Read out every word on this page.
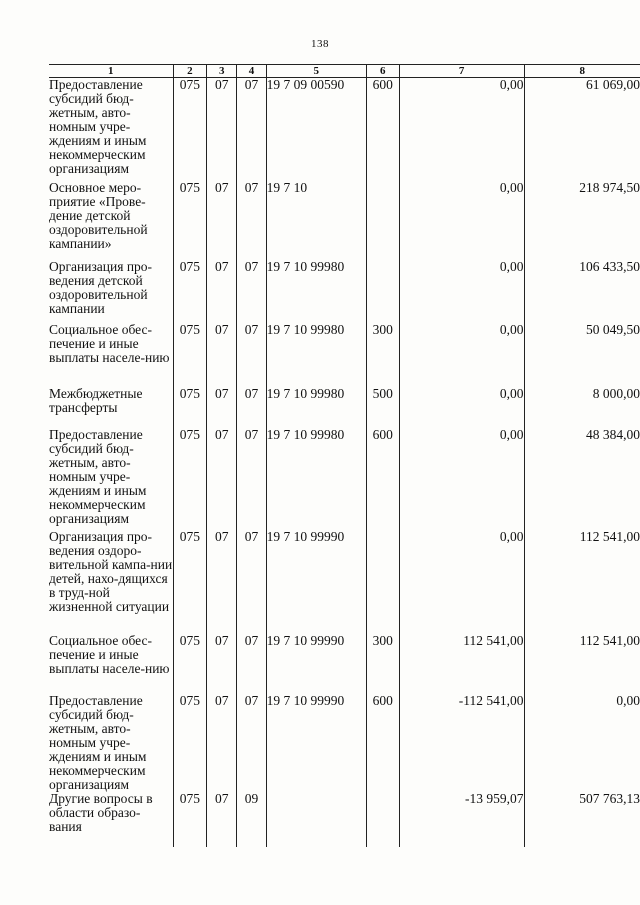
138
1	2	3	4	5	6	7	8
Предоставление субсидий бюд-жетным, авто-номным учре-ждениям и иным некоммерческим организациям	075	07	07	19 7 09 00590	600	0,00	61 069,00
Основное меро-приятие «Прове-дение детской оздоровительной кампании»	075	07	07	19 7 10		0,00	218 974,50
Организация про-ведения детской оздоровительной кампании	075	07	07	19 7 10 99980		0,00	106 433,50
Социальное обес-печение и иные выплаты населе-нию	075	07	07	19 7 10 99980	300	0,00	50 049,50
Межбюджетные трансферты	075	07	07	19 7 10 99980	500	0,00	8 000,00
Предоставление субсидий бюд-жетным, авто-номным учре-ждениям и иным некоммерческим организациям	075	07	07	19 7 10 99980	600	0,00	48 384,00
Организация про-ведения оздоро-вительной кампа-нии детей, нахо-дящихся в труд-ной жизненной ситуации	075	07	07	19 7 10 99990		0,00	112 541,00
Социальное обес-печение и иные выплаты населе-нию	075	07	07	19 7 10 99990	300	112 541,00	112 541,00
Предоставление субсидий бюд-жетным, авто-номным учре-ждениям и иным некоммерческим организациям	075	07	07	19 7 10 99990	600	-112 541,00	0,00
Другие вопросы в области образо-вания	075	07	09			-13 959,07	507 763,13
